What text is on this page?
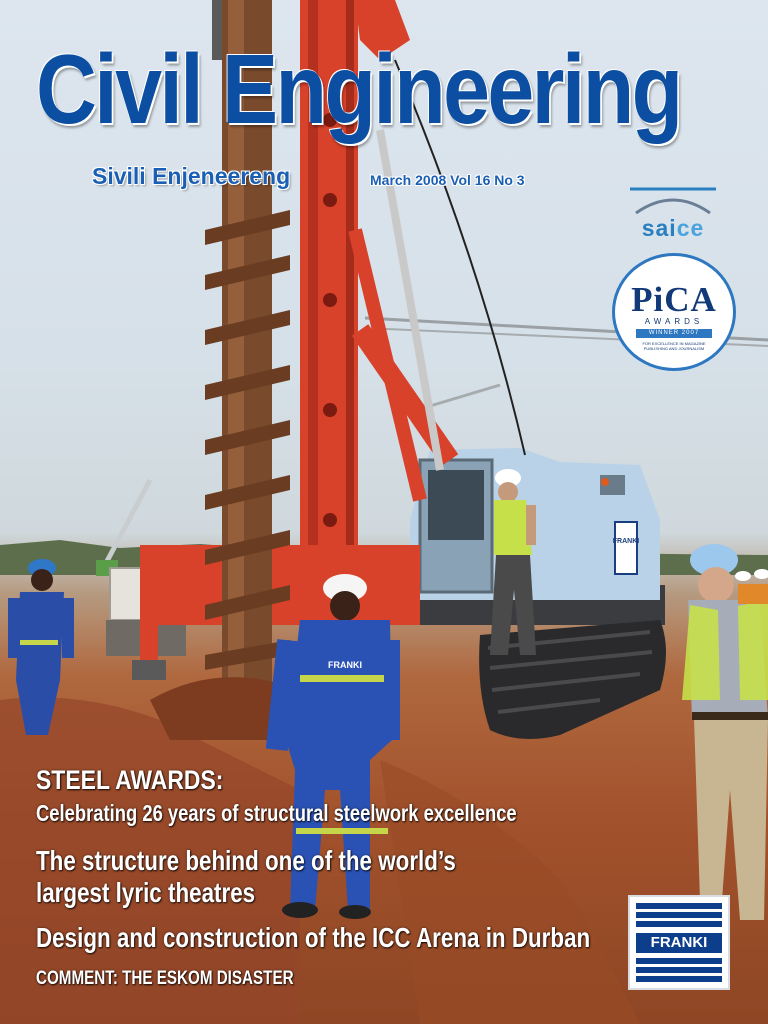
FRANKI
FRANKI
Civil Engineering
Sivili Enjeneereng	March 2008 Vol 16 No 3
saice
PiCA
AWARDS
WINNER 2007
FOR EXCELLENCE IN MAGAZINE PUBLISHING AND JOURNALISM
STEEL AWARDS:
Celebrating 26 years of structural steelwork excellence
The structure behind one of the world’s
largest lyric theatres
Design and construction of the ICC Arena in Durban
COMMENT: THE ESKOM DISASTER
FRANKI
